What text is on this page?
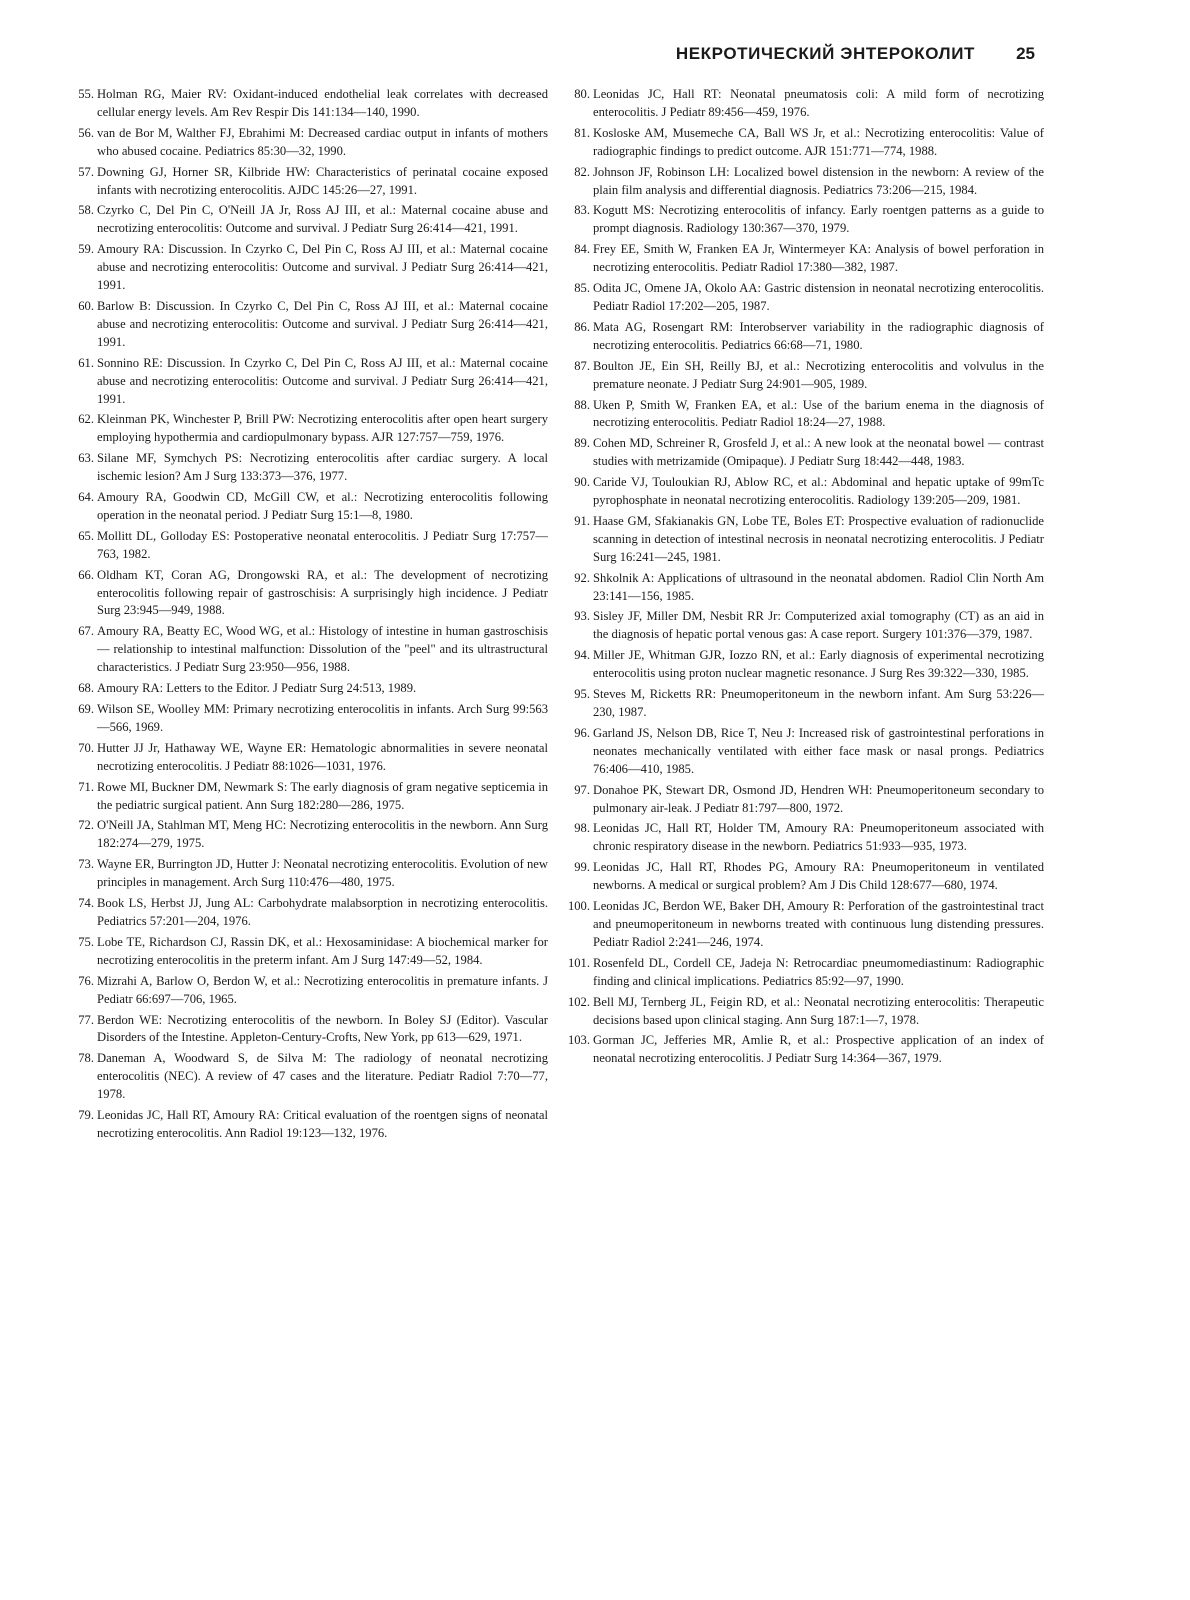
НЕКРОТИЧЕСКИЙ ЭНТЕРОКОЛИТ 25
55. Holman RG, Maier RV: Oxidant-induced endothelial leak correlates with decreased cellular energy levels. Am Rev Respir Dis 141:134—140, 1990.
56. van de Bor M, Walther FJ, Ebrahimi M: Decreased cardiac output in infants of mothers who abused cocaine. Pediatrics 85:30—32, 1990.
57. Downing GJ, Horner SR, Kilbride HW: Characteristics of perinatal cocaine exposed infants with necrotizing enterocolitis. AJDC 145:26—27, 1991.
58. Czyrko C, Del Pin C, O'Neill JA Jr, Ross AJ III, et al.: Maternal cocaine abuse and necrotizing enterocolitis: Outcome and survival. J Pediatr Surg 26:414—421, 1991.
59. Amoury RA: Discussion. In Czyrko C, Del Pin C, Ross AJ III, et al.: Maternal cocaine abuse and necrotizing enterocolitis: Outcome and survival. J Pediatr Surg 26:414—421, 1991.
60. Barlow B: Discussion. In Czyrko C, Del Pin C, Ross AJ III, et al.: Maternal cocaine abuse and necrotizing enterocolitis: Outcome and survival. J Pediatr Surg 26:414—421, 1991.
61. Sonnino RE: Discussion. In Czyrko C, Del Pin C, Ross AJ III, et al.: Maternal cocaine abuse and necrotizing enterocolitis: Outcome and survival. J Pediatr Surg 26:414—421, 1991.
62. Kleinman PK, Winchester P, Brill PW: Necrotizing enterocolitis after open heart surgery employing hypothermia and cardiopulmonary bypass. AJR 127:757—759, 1976.
63. Silane MF, Symchych PS: Necrotizing enterocolitis after cardiac surgery. A local ischemic lesion? Am J Surg 133:373—376, 1977.
64. Amoury RA, Goodwin CD, McGill CW, et al.: Necrotizing enterocolitis following operation in the neonatal period. J Pediatr Surg 15:1—8, 1980.
65. Mollitt DL, Golloday ES: Postoperative neonatal enterocolitis. J Pediatr Surg 17:757—763, 1982.
66. Oldham KT, Coran AG, Drongowski RA, et al.: The development of necrotizing enterocolitis following repair of gastroschisis: A surprisingly high incidence. J Pediatr Surg 23:945—949, 1988.
67. Amoury RA, Beatty EC, Wood WG, et al.: Histology of intestine in human gastroschisis — relationship to intestinal malfunction: Dissolution of the "peel" and its ultrastructural characteristics. J Pediatr Surg 23:950—956, 1988.
68. Amoury RA: Letters to the Editor. J Pediatr Surg 24:513, 1989.
69. Wilson SE, Woolley MM: Primary necrotizing enterocolitis in infants. Arch Surg 99:563—566, 1969.
70. Hutter JJ Jr, Hathaway WE, Wayne ER: Hematologic abnormalities in severe neonatal necrotizing enterocolitis. J Pediatr 88:1026—1031, 1976.
71. Rowe MI, Buckner DM, Newmark S: The early diagnosis of gram negative septicemia in the pediatric surgical patient. Ann Surg 182:280—286, 1975.
72. O'Neill JA, Stahlman MT, Meng HC: Necrotizing enterocolitis in the newborn. Ann Surg 182:274—279, 1975.
73. Wayne ER, Burrington JD, Hutter J: Neonatal necrotizing enterocolitis. Evolution of new principles in management. Arch Surg 110:476—480, 1975.
74. Book LS, Herbst JJ, Jung AL: Carbohydrate malabsorption in necrotizing enterocolitis. Pediatrics 57:201—204, 1976.
75. Lobe TE, Richardson CJ, Rassin DK, et al.: Hexosaminidase: A biochemical marker for necrotizing enterocolitis in the preterm infant. Am J Surg 147:49—52, 1984.
76. Mizrahi A, Barlow O, Berdon W, et al.: Necrotizing enterocolitis in premature infants. J Pediatr 66:697—706, 1965.
77. Berdon WE: Necrotizing enterocolitis of the newborn. In Boley SJ (Editor). Vascular Disorders of the Intestine. Appleton-Century-Crofts, New York, pp 613—629, 1971.
78. Daneman A, Woodward S, de Silva M: The radiology of neonatal necrotizing enterocolitis (NEC). A review of 47 cases and the literature. Pediatr Radiol 7:70—77, 1978.
79. Leonidas JC, Hall RT, Amoury RA: Critical evaluation of the roentgen signs of neonatal necrotizing enterocolitis. Ann Radiol 19:123—132, 1976.
80. Leonidas JC, Hall RT: Neonatal pneumatosis coli: A mild form of necrotizing enterocolitis. J Pediatr 89:456—459, 1976.
81. Kosloske AM, Musemeche CA, Ball WS Jr, et al.: Necrotizing enterocolitis: Value of radiographic findings to predict outcome. AJR 151:771—774, 1988.
82. Johnson JF, Robinson LH: Localized bowel distension in the newborn: A review of the plain film analysis and differential diagnosis. Pediatrics 73:206—215, 1984.
83. Kogutt MS: Necrotizing enterocolitis of infancy. Early roentgen patterns as a guide to prompt diagnosis. Radiology 130:367—370, 1979.
84. Frey EE, Smith W, Franken EA Jr, Wintermeyer KA: Analysis of bowel perforation in necrotizing enterocolitis. Pediatr Radiol 17:380—382, 1987.
85. Odita JC, Omene JA, Okolo AA: Gastric distension in neonatal necrotizing enterocolitis. Pediatr Radiol 17:202—205, 1987.
86. Mata AG, Rosengart RM: Interobserver variability in the radiographic diagnosis of necrotizing enterocolitis. Pediatrics 66:68—71, 1980.
87. Boulton JE, Ein SH, Reilly BJ, et al.: Necrotizing enterocolitis and volvulus in the premature neonate. J Pediatr Surg 24:901—905, 1989.
88. Uken P, Smith W, Franken EA, et al.: Use of the barium enema in the diagnosis of necrotizing enterocolitis. Pediatr Radiol 18:24—27, 1988.
89. Cohen MD, Schreiner R, Grosfeld J, et al.: A new look at the neonatal bowel — contrast studies with metrizamide (Omipaque). J Pediatr Surg 18:442—448, 1983.
90. Caride VJ, Touloukian RJ, Ablow RC, et al.: Abdominal and hepatic uptake of 99mTc pyrophosphate in neonatal necrotizing enterocolitis. Radiology 139:205—209, 1981.
91. Haase GM, Sfakianakis GN, Lobe TE, Boles ET: Prospective evaluation of radionuclide scanning in detection of intestinal necrosis in neonatal necrotizing enterocolitis. J Pediatr Surg 16:241—245, 1981.
92. Shkolnik A: Applications of ultrasound in the neonatal abdomen. Radiol Clin North Am 23:141—156, 1985.
93. Sisley JF, Miller DM, Nesbit RR Jr: Computerized axial tomography (CT) as an aid in the diagnosis of hepatic portal venous gas: A case report. Surgery 101:376—379, 1987.
94. Miller JE, Whitman GJR, Iozzo RN, et al.: Early diagnosis of experimental necrotizing enterocolitis using proton nuclear magnetic resonance. J Surg Res 39:322—330, 1985.
95. Steves M, Ricketts RR: Pneumoperitoneum in the newborn infant. Am Surg 53:226—230, 1987.
96. Garland JS, Nelson DB, Rice T, Neu J: Increased risk of gastrointestinal perforations in neonates mechanically ventilated with either face mask or nasal prongs. Pediatrics 76:406—410, 1985.
97. Donahoe PK, Stewart DR, Osmond JD, Hendren WH: Pneumoperitoneum secondary to pulmonary air-leak. J Pediatr 81:797—800, 1972.
98. Leonidas JC, Hall RT, Holder TM, Amoury RA: Pneumoperitoneum associated with chronic respiratory disease in the newborn. Pediatrics 51:933—935, 1973.
99. Leonidas JC, Hall RT, Rhodes PG, Amoury RA: Pneumoperitoneum in ventilated newborns. A medical or surgical problem? Am J Dis Child 128:677—680, 1974.
100. Leonidas JC, Berdon WE, Baker DH, Amoury R: Perforation of the gastrointestinal tract and pneumoperitoneum in newborns treated with continuous lung distending pressures. Pediatr Radiol 2:241—246, 1974.
101. Rosenfeld DL, Cordell CE, Jadeja N: Retrocardiac pneumomediastinum: Radiographic finding and clinical implications. Pediatrics 85:92—97, 1990.
102. Bell MJ, Ternberg JL, Feigin RD, et al.: Neonatal necrotizing enterocolitis: Therapeutic decisions based upon clinical staging. Ann Surg 187:1—7, 1978.
103. Gorman JC, Jefferies MR, Amlie R, et al.: Prospective application of an index of neonatal necrotizing enterocolitis. J Pediatr Surg 14:364—367, 1979.
